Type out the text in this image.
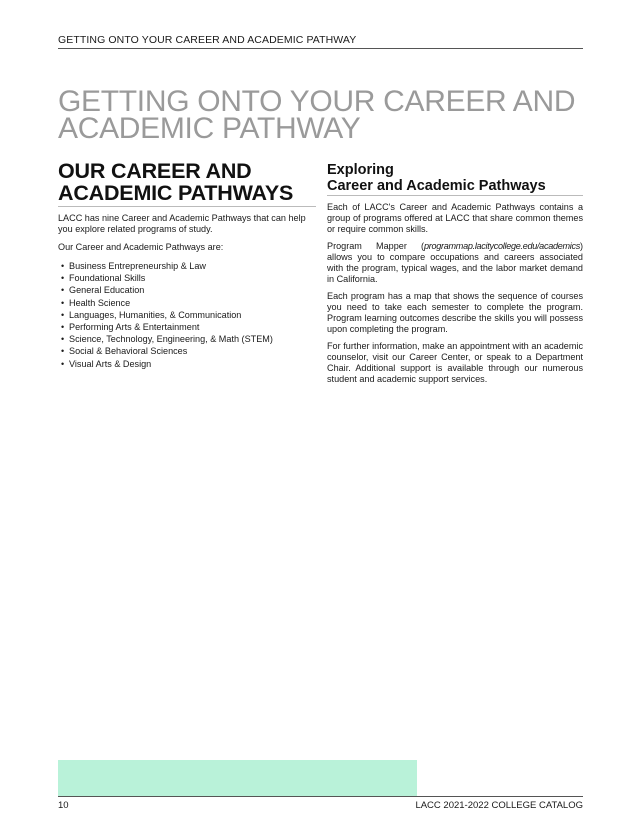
GETTING ONTO YOUR CAREER AND ACADEMIC PATHWAY
GETTING ONTO YOUR CAREER AND ACADEMIC PATHWAY
OUR CAREER AND ACADEMIC PATHWAYS

LACC has nine Career and Academic Pathways that can help you explore related programs of study.

Our Career and Academic Pathways are:

• Business Entrepreneurship & Law
• Foundational Skills
• General Education
• Health Science
• Languages, Humanities, & Communication
• Performing Arts & Entertainment
• Science, Technology, Engineering, & Math (STEM)
• Social & Behavioral Sciences
• Visual Arts & Design
Exploring
Career and Academic Pathways

Each of LACC's Career and Academic Pathways contains a group of programs offered at LACC that share common themes or require common skills.

Program Mapper (programmap.lacitycollege.edu/academics) allows you to compare occupations and careers associated with the program, typical wages, and the labor market demand in California.

Each program has a map that shows the sequence of courses you need to take each semester to complete the program. Program learning outcomes describe the skills you will possess upon completing the program.

For further information, make an appointment with an academic counselor, visit our Career Center, or speak to a Department Chair. Additional support is available through our numerous student and academic support services.

10	LACC 2021-2022 COLLEGE CATALOG
